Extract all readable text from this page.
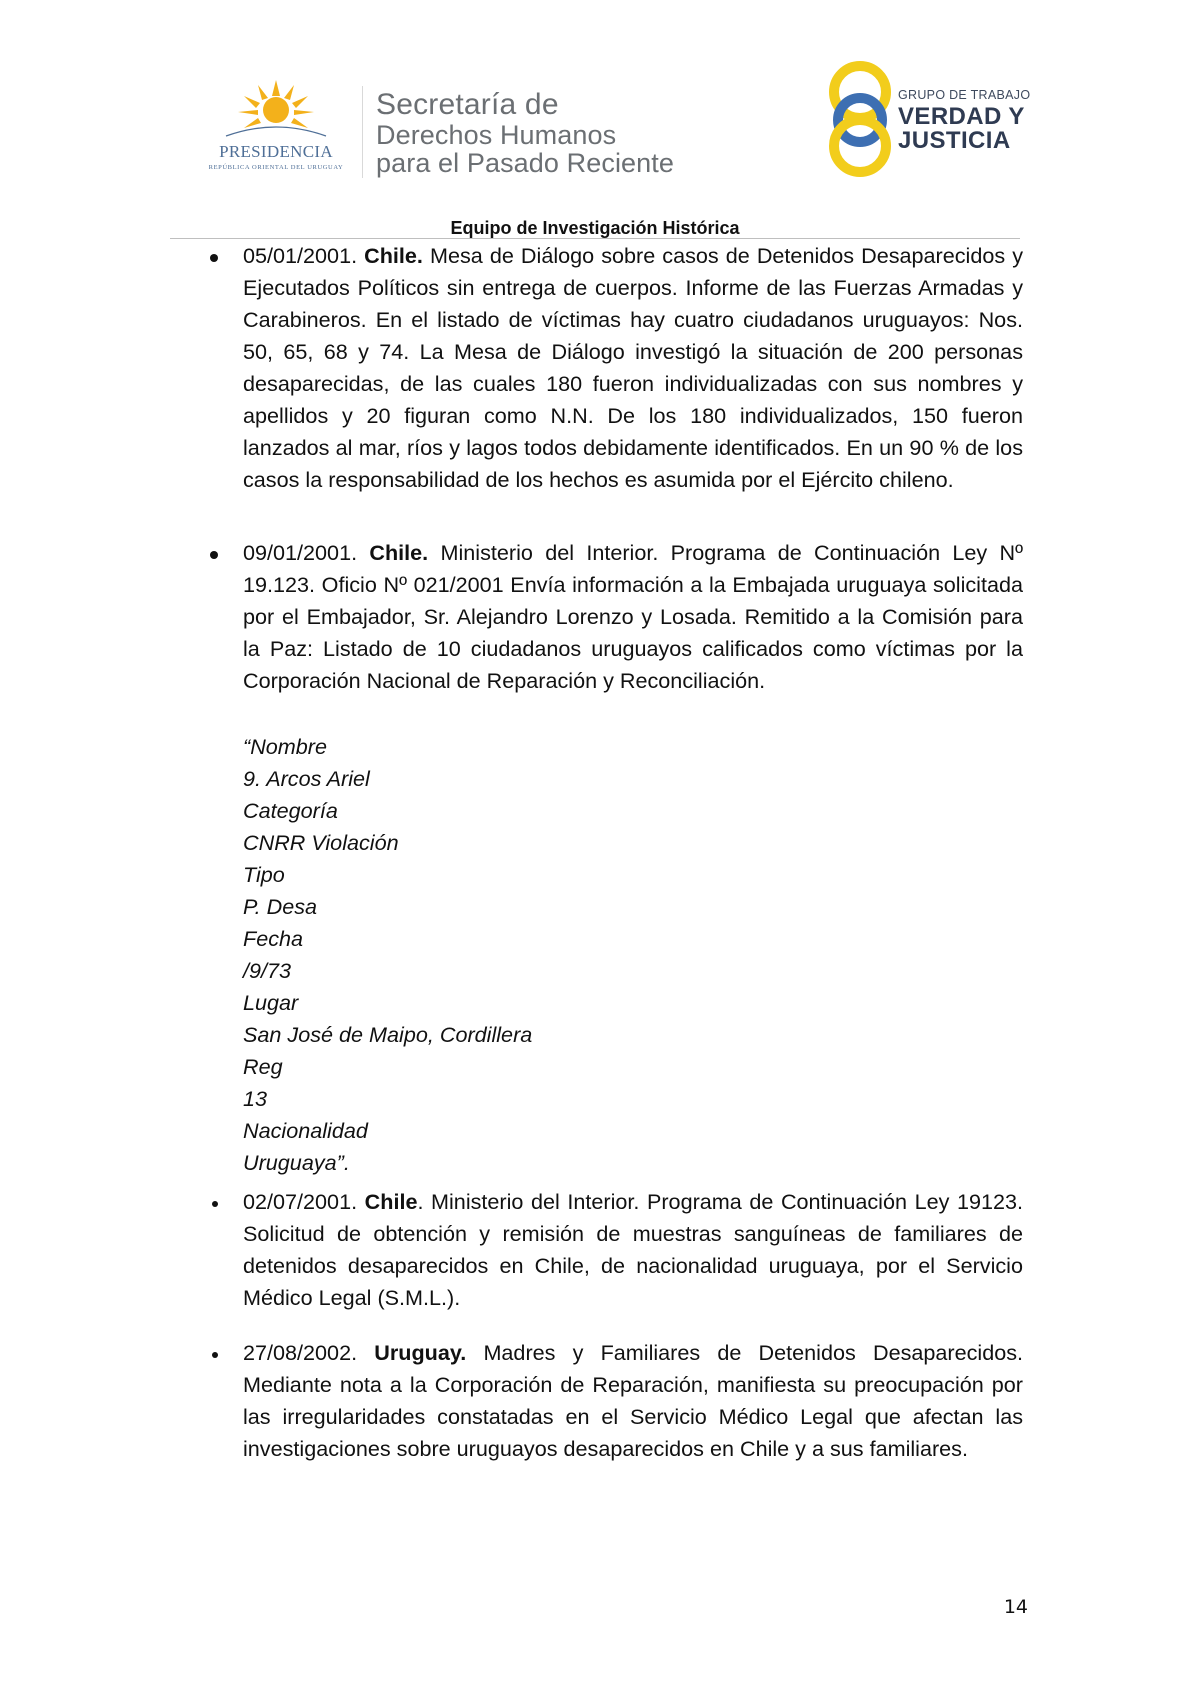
PRESIDENCIA
REPÚBLICA ORIENTAL DEL URUGUAY
Secretaría de
Derechos Humanos
para el Pasado Reciente
GRUPO DE TRABAJO
VERDAD Y
JUSTICIA
Equipo de Investigación Histórica

05/01/2001. Chile. Mesa de Diálogo sobre casos de Detenidos Desaparecidos y Ejecutados Políticos sin entrega de cuerpos. Informe de las Fuerzas Armadas y Carabineros. En el listado de víctimas hay cuatro ciudadanos uruguayos: Nos. 50, 65, 68 y 74. La Mesa de Diálogo investigó la situación de 200 personas desaparecidas, de las cuales 180 fueron individualizadas con sus nombres y apellidos y 20 figuran como N.N. De los 180 individualizados, 150 fueron lanzados al mar, ríos y lagos todos debidamente identificados. En un 90 % de los casos la responsabilidad de los hechos es asumida por el Ejército chileno.

09/01/2001. Chile. Ministerio del Interior. Programa de Continuación Ley Nº 19.123. Oficio Nº 021/2001 Envía información a la Embajada uruguaya solicitada por el Embajador, Sr. Alejandro Lorenzo y Losada. Remitido a la Comisión para la Paz: Listado de 10 ciudadanos uruguayos calificados como víctimas por la Corporación Nacional de Reparación y Reconciliación.

“Nombre
9. Arcos Ariel
Categoría
CNRR Violación
Tipo
P. Desa
Fecha
/9/73
Lugar
San José de Maipo, Cordillera
Reg
13
Nacionalidad
Uruguaya”.

02/07/2001. Chile. Ministerio del Interior. Programa de Continuación Ley 19123. Solicitud de obtención y remisión de muestras sanguíneas de familiares de detenidos desaparecidos en Chile, de nacionalidad uruguaya, por el Servicio Médico Legal (S.M.L.).

27/08/2002. Uruguay. Madres y Familiares de Detenidos Desaparecidos. Mediante nota a la Corporación de Reparación, manifiesta su preocupación por las irregularidades constatadas en el Servicio Médico Legal que afectan las investigaciones sobre uruguayos desaparecidos en Chile y a sus familiares.

14
